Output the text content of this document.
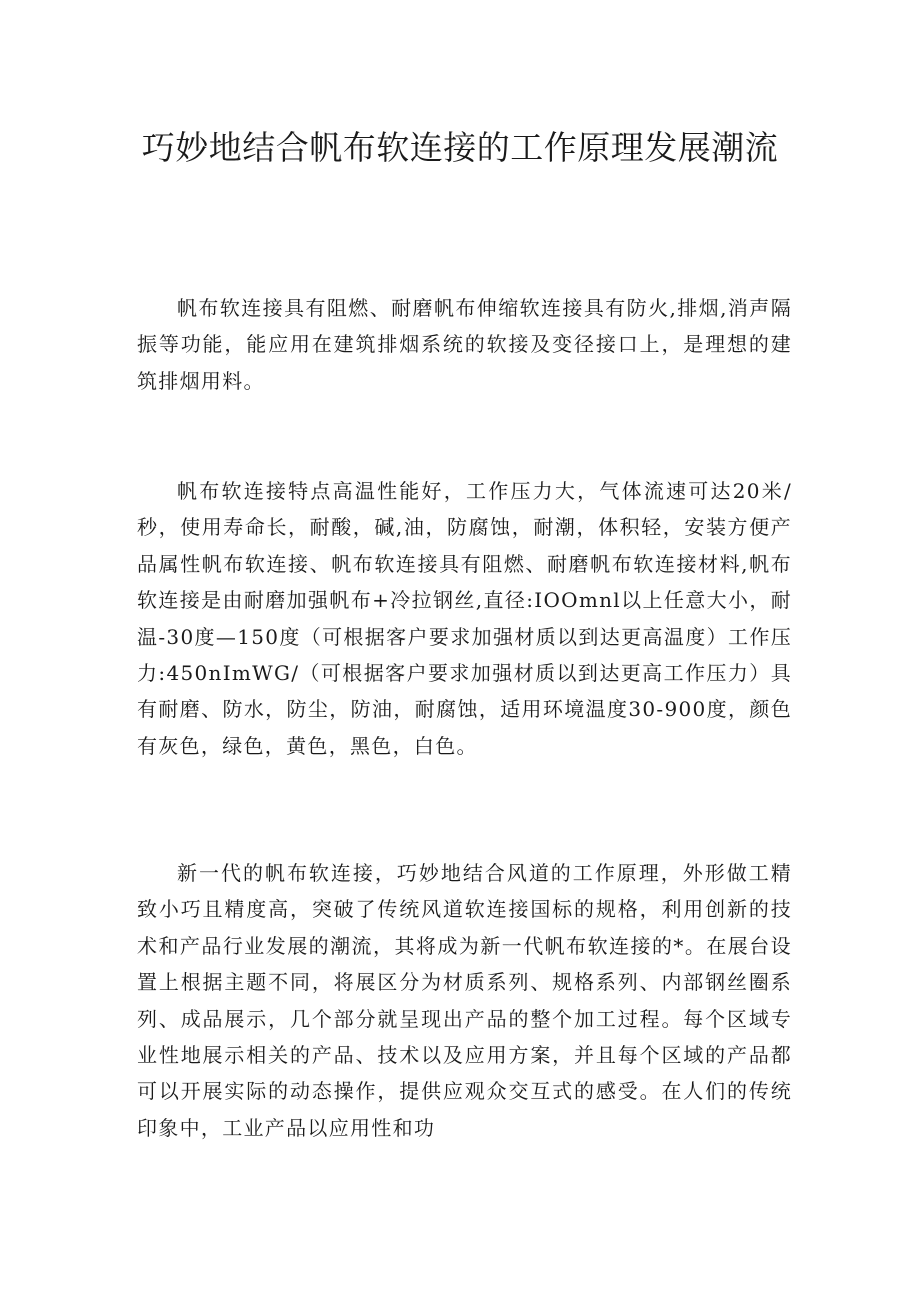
巧妙地结合帆布软连接的工作原理发展潮流

帆布软连接具有阻燃、耐磨帆布伸缩软连接具有防火,排烟,消声隔振等功能，能应用在建筑排烟系统的软接及变径接口上，是理想的建筑排烟用料。

帆布软连接特点高温性能好，工作压力大，气体流速可达20米/秒，使用寿命长，耐酸，碱,油，防腐蚀，耐潮，体积轻，安装方便产品属性帆布软连接、帆布软连接具有阻燃、耐磨帆布软连接材料,帆布软连接是由耐磨加强帆布+冷拉钢丝,直径:IOOmnl以上任意大小，耐温-30度—150度（可根据客户要求加强材质以到达更高温度）工作压力:450nImWG/（可根据客户要求加强材质以到达更高工作压力）具有耐磨、防水，防尘，防油，耐腐蚀，适用环境温度30-900度，颜色有灰色，绿色，黄色，黑色，白色。

新一代的帆布软连接，巧妙地结合风道的工作原理，外形做工精致小巧且精度高，突破了传统风道软连接国标的规格，利用创新的技术和产品行业发展的潮流，其将成为新一代帆布软连接的*。在展台设置上根据主题不同，将展区分为材质系列、规格系列、内部钢丝圈系列、成品展示，几个部分就呈现出产品的整个加工过程。每个区域专业性地展示相关的产品、技术以及应用方案，并且每个区域的产品都可以开展实际的动态操作，提供应观众交互式的感受。在人们的传统印象中，工业产品以应用性和功
